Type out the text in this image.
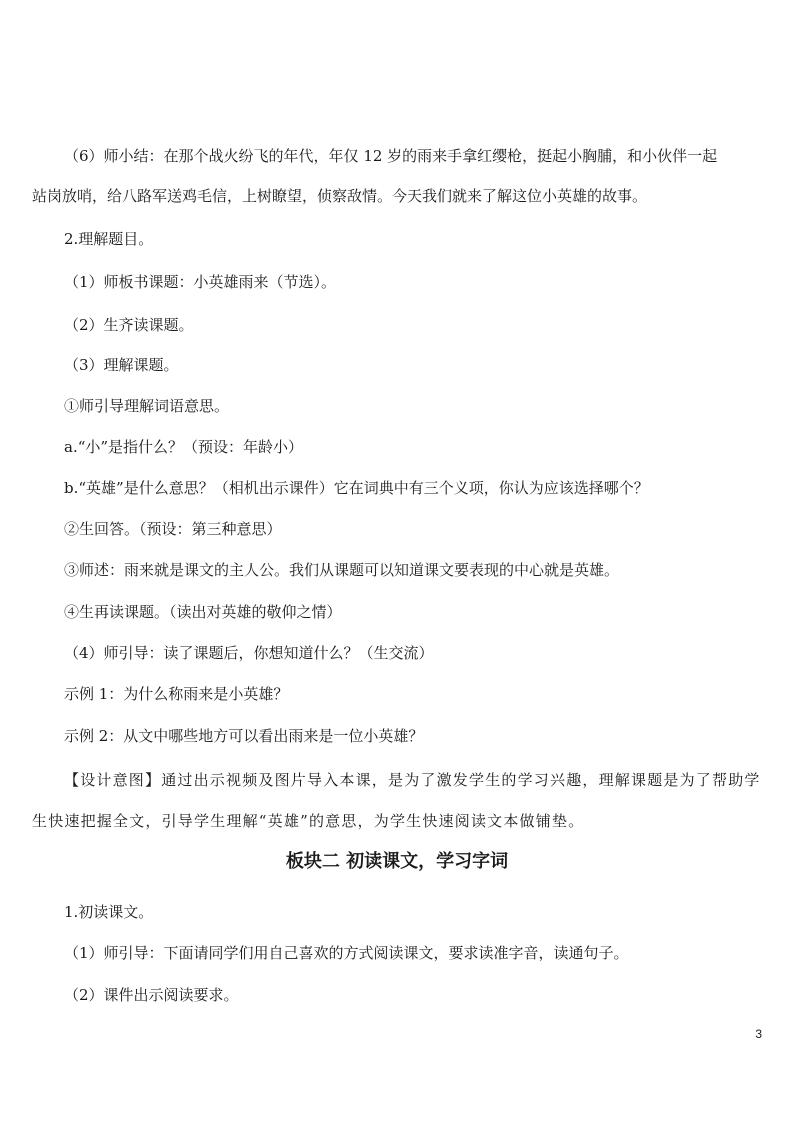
（6）师小结：在那个战火纷飞的年代，年仅 12 岁的雨来手拿红缨枪，挺起小胸脯，和小伙伴一起
站岗放哨，给八路军送鸡毛信，上树瞭望，侦察敌情。今天我们就来了解这位小英雄的故事。
2.理解题目。
（1）师板书课题：小英雄雨来（节选）。
（2）生齐读课题。
（3）理解课题。
①师引导理解词语意思。
a.“小”是指什么？（预设：年龄小）
b.“英雄”是什么意思？（相机出示课件）它在词典中有三个义项，你认为应该选择哪个？
②生回答。（预设：第三种意思）
③师述：雨来就是课文的主人公。我们从课题可以知道课文要表现的中心就是英雄。
④生再读课题。（读出对英雄的敬仰之情）
（4）师引导：读了课题后，你想知道什么？（生交流）
示例 1：为什么称雨来是小英雄？
示例 2：从文中哪些地方可以看出雨来是一位小英雄？
【设计意图】通过出示视频及图片导入本课，是为了激发学生的学习兴趣，理解课题是为了帮助学
生快速把握全文，引导学生理解“英雄”的意思，为学生快速阅读文本做铺垫。
板块二 初读课文，学习字词
1.初读课文。
（1）师引导：下面请同学们用自己喜欢的方式阅读课文，要求读准字音，读通句子。
（2）课件出示阅读要求。
3
